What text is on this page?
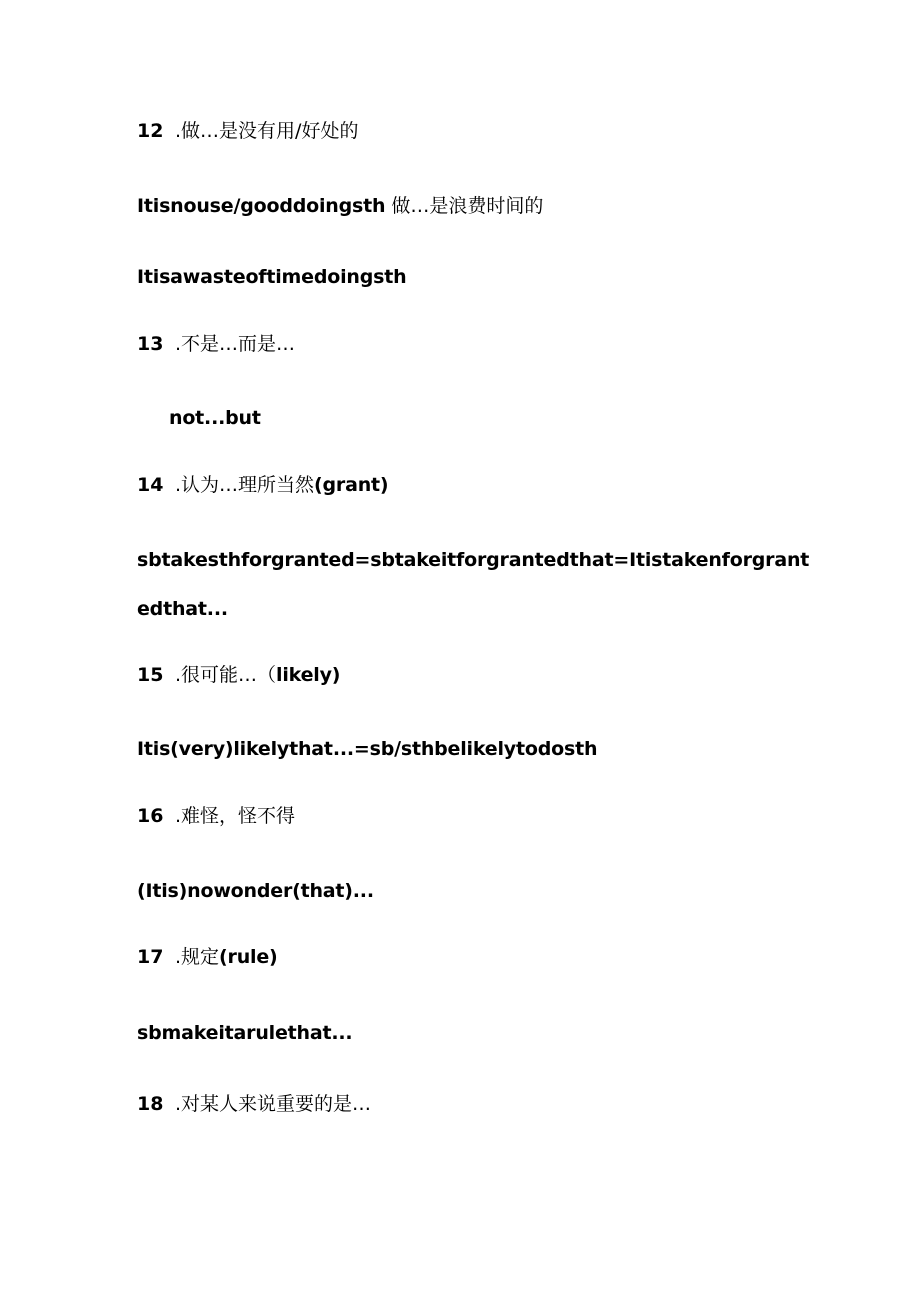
12 .做…是没有用/好处的
Itisnouse/gooddoingsth 做…是浪费时间的
Itisawasteoftimedoingsth
13 .不是…而是…
not...but
14 .认为…理所当然(grant)
sbtakesthforgranted=sbtakeitforgrantedthat=Itistakenforgrant
edthat...
15 .很可能…（likely)
Itis(very)likelythat...=sb∕sthbelikelytodosth
16 .难怪，怪不得
(Itis)nowonder(that)...
17 .规定(rule)
sbmakeitarulethat...
18 .对某人来说重要的是…
